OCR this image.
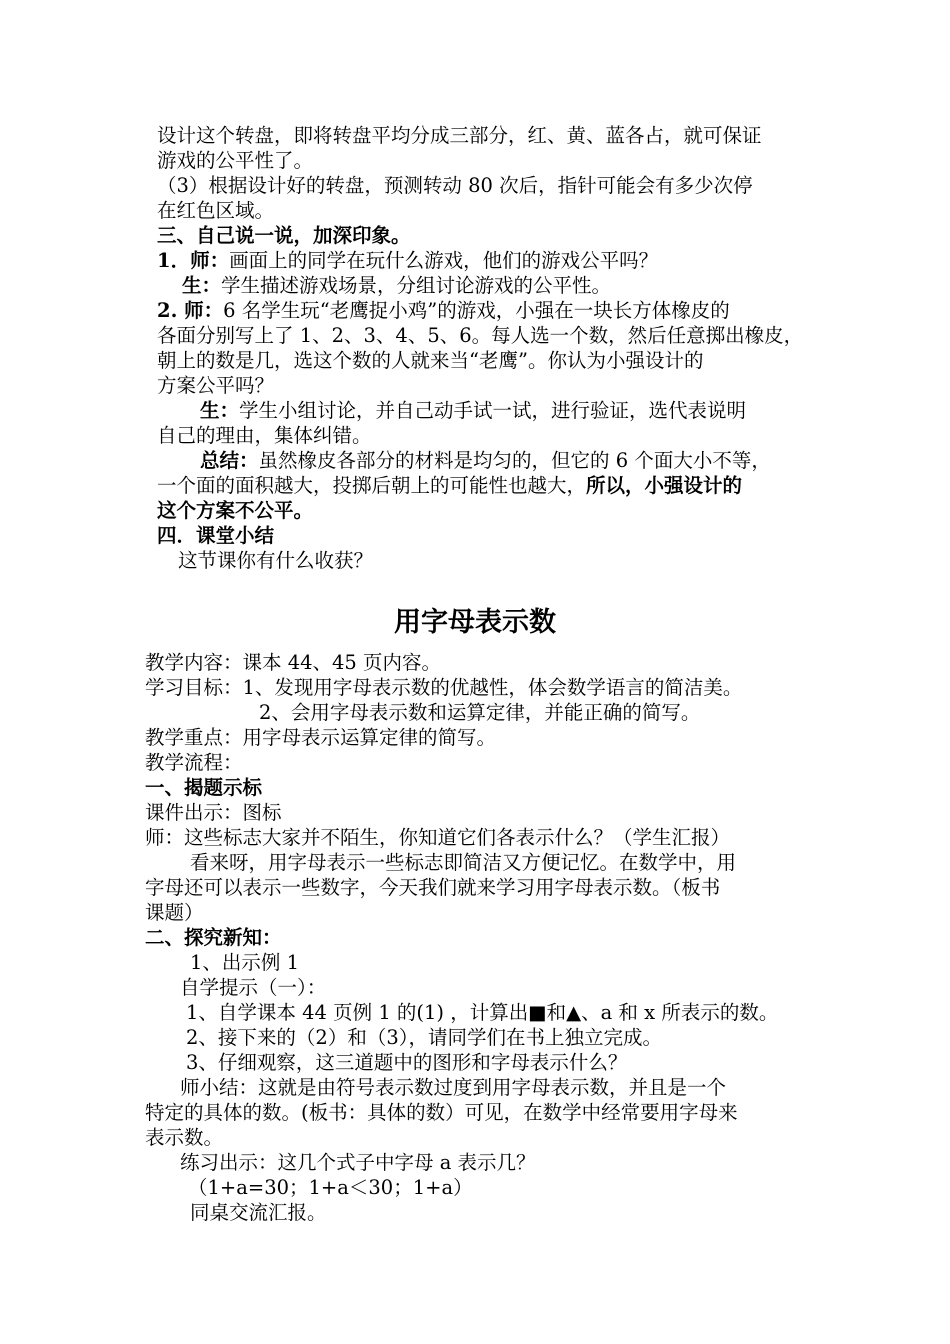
设计这个转盘，即将转盘平均分成三部分，红、黄、蓝各占，就可保证
游戏的公平性了。
（3）根据设计好的转盘，预测转动 80 次后，指针可能会有多少次停
在红色区域。
三、自己说一说，加深印象。
1．师：画面上的同学在玩什么游戏，他们的游戏公平吗？
生：学生描述游戏场景，分组讨论游戏的公平性。
2. 师：6 名学生玩“老鹰捉小鸡”的游戏，小强在一块长方体橡皮的
各面分别写上了 1、2、3、4、5、6。每人选一个数，然后任意掷出橡皮，
朝上的数是几，选这个数的人就来当“老鹰”。你认为小强设计的
方案公平吗？
生：学生小组讨论，并自己动手试一试，进行验证，选代表说明
自己的理由，集体纠错。
总结：虽然橡皮各部分的材料是均匀的，但它的 6 个面大小不等，
一个面的面积越大，投掷后朝上的可能性也越大，所以，小强设计的
这个方案不公平。
四．课堂小结
这节课你有什么收获？
用字母表示数
教学内容：课本 44、45 页内容。
学习目标：1、发现用字母表示数的优越性，体会数学语言的简洁美。
2、会用字母表示数和运算定律，并能正确的简写。
教学重点：用字母表示运算定律的简写。
教学流程：
一、揭题示标
课件出示：图标
师：这些标志大家并不陌生，你知道它们各表示什么？（学生汇报）
看来呀，用字母表示一些标志即简洁又方便记忆。在数学中，用
字母还可以表示一些数字，今天我们就来学习用字母表示数。（板书
课题）
二、探究新知：
1、出示例 1
自学提示（一）：
1、自学课本 44 页例 1 的(1) ，计算出■和▲、a 和 x 所表示的数。
2、接下来的（2）和（3），请同学们在书上独立完成。
3、仔细观察，这三道题中的图形和字母表示什么？
师小结：这就是由符号表示数过度到用字母表示数，并且是一个
特定的具体的数。(板书：具体的数）可见，在数学中经常要用字母来
表示数。
练习出示：这几个式子中字母 a 表示几？
（1+a=30；1+a＜30；1+a）
同桌交流汇报。
